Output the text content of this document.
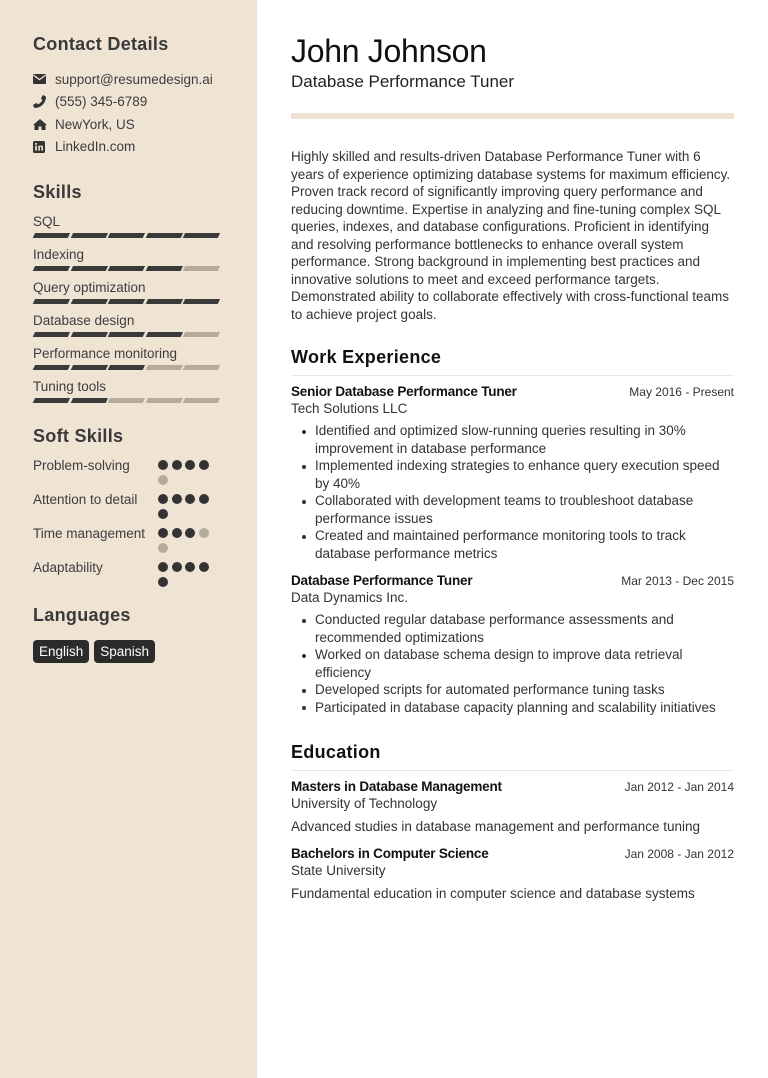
Contact Details
support@resumedesign.ai
(555) 345-6789
NewYork, US
LinkedIn.com
Skills
SQL
Indexing
Query optimization
Database design
Performance monitoring
Tuning tools
Soft Skills
Problem-solving
Attention to detail
Time management
Adaptability
Languages
English	Spanish
John Johnson
Database Performance Tuner

Highly skilled and results-driven Database Performance Tuner with 6 years of experience optimizing database systems for maximum efficiency. Proven track record of significantly improving query performance and reducing downtime. Expertise in analyzing and fine-tuning complex SQL queries, indexes, and database configurations. Proficient in identifying and resolving performance bottlenecks to enhance overall system performance. Strong background in implementing best practices and innovative solutions to meet and exceed performance targets. Demonstrated ability to collaborate effectively with cross-functional teams to achieve project goals.

Work Experience
Senior Database Performance Tuner	May 2016 - Present
Tech Solutions LLC
Identified and optimized slow-running queries resulting in 30% improvement in database performance
Implemented indexing strategies to enhance query execution speed by 40%
Collaborated with development teams to troubleshoot database performance issues
Created and maintained performance monitoring tools to track database performance metrics
Database Performance Tuner	Mar 2013 - Dec 2015
Data Dynamics Inc.
Conducted regular database performance assessments and recommended optimizations
Worked on database schema design to improve data retrieval efficiency
Developed scripts for automated performance tuning tasks
Participated in database capacity planning and scalability initiatives
Education
Masters in Database Management	Jan 2012 - Jan 2014
University of Technology
Advanced studies in database management and performance tuning
Bachelors in Computer Science	Jan 2008 - Jan 2012
State University
Fundamental education in computer science and database systems
